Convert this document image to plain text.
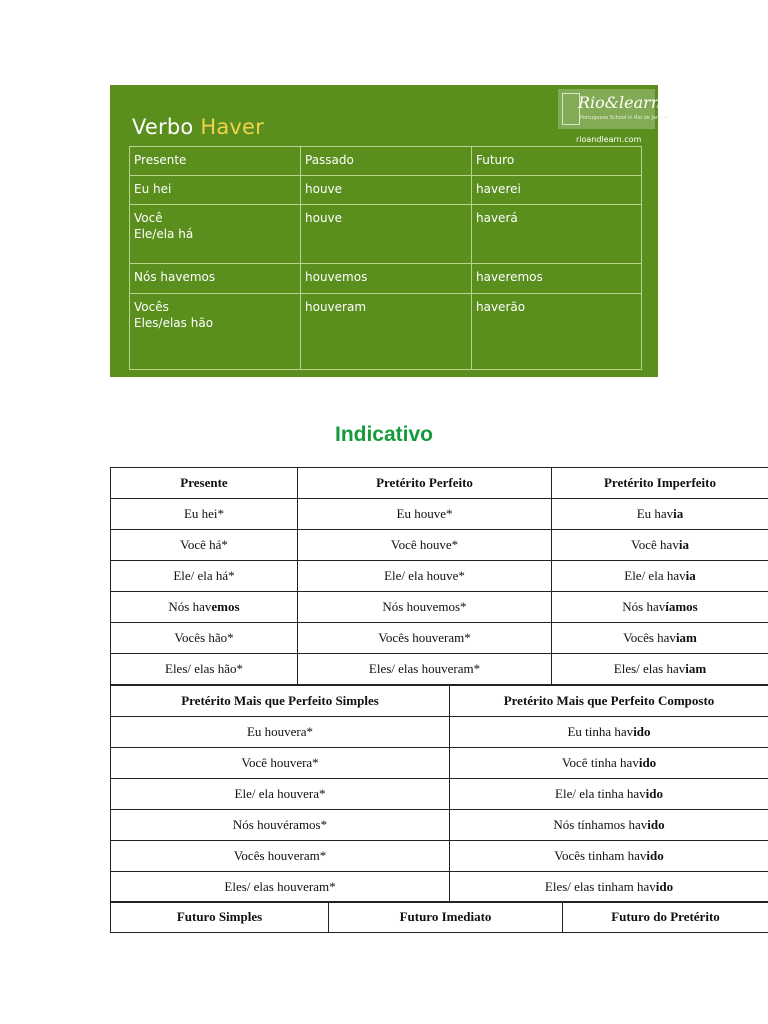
Verbo Haver
Rio&learn
Portuguese School in Rio de Janeiro
rioandlearn.com
Presente	Passado	Futuro

Eu hei	houve	haverei

Você
Ele/ela há	houve	haverá

Nós havemos	houvemos	haveremos

Vocês
Eles/elas hão	houveram	haverão
Indicativo
Presente	Pretérito Perfeito	Pretérito Imperfeito
Eu hei*	Eu houve*	Eu havia
Você há*	Você houve*	Você havia
Ele/ ela há*	Ele/ ela houve*	Ele/ ela havia
Nós havemos	Nós houvemos*	Nós havíamos
Vocês hão*	Vocês houveram*	Vocês haviam
Eles/ elas hão*	Eles/ elas houveram*	Eles/ elas haviam
Pretérito Mais que Perfeito Simples	Pretérito Mais que Perfeito Composto
Eu houvera*	Eu tinha havido
Você houvera*	Você tinha havido
Ele/ ela houvera*	Ele/ ela tinha havido
Nós houvéramos*	Nós tínhamos havido
Vocês houveram*	Vocês tinham havido
Eles/ elas houveram*	Eles/ elas tinham havido
Futuro Simples	Futuro Imediato	Futuro do Pretérito
